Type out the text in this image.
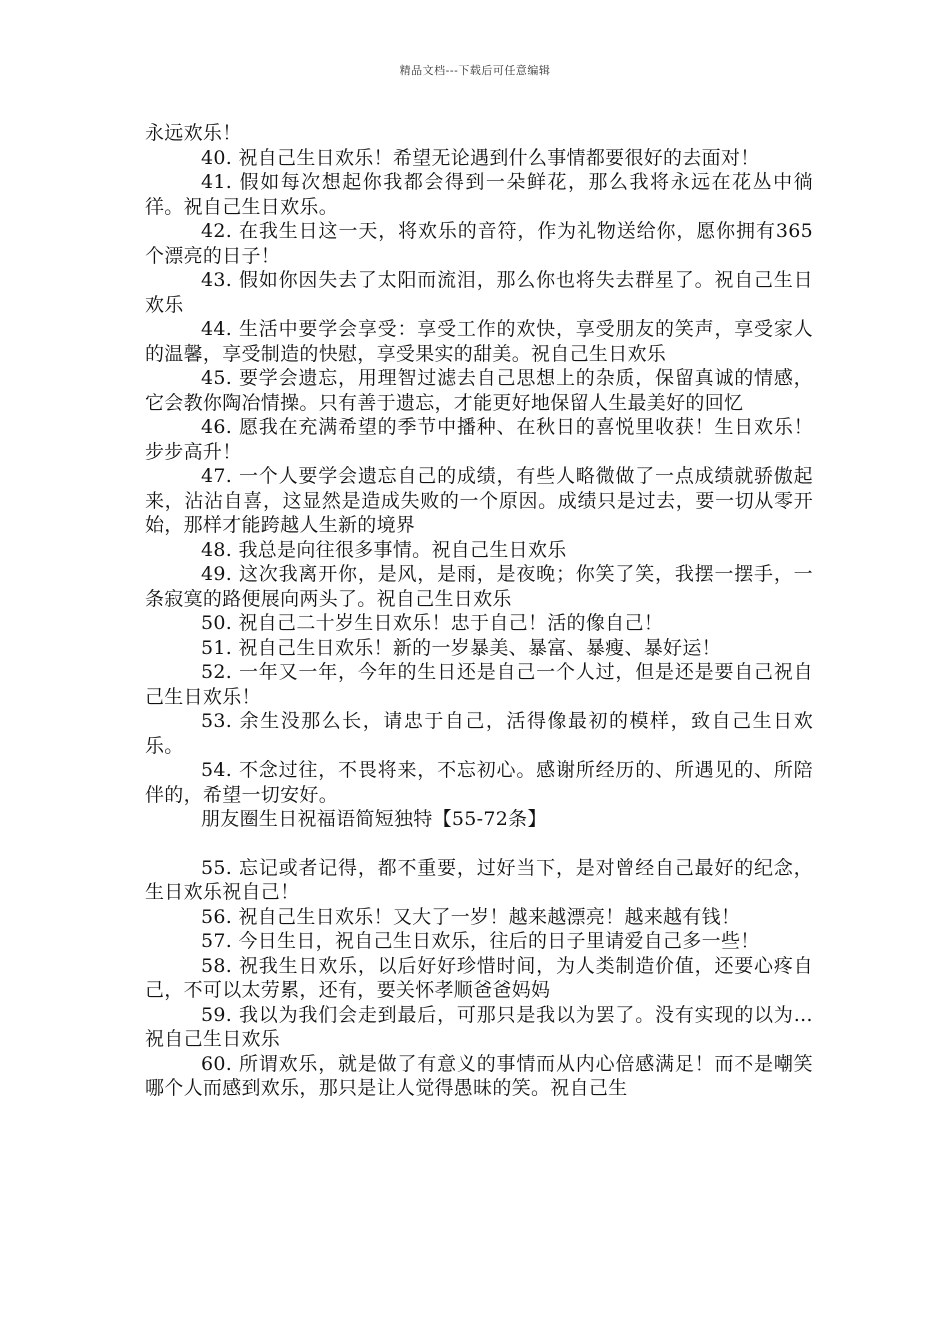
精品文档---下载后可任意编辑

永远欢乐！

40. 祝自己生日欢乐！希望无论遇到什么事情都要很好的去面对！

41. 假如每次想起你我都会得到一朵鲜花，那么我将永远在花丛中徜徉。祝自己生日欢乐。

42. 在我生日这一天，将欢乐的音符，作为礼物送给你，愿你拥有365个漂亮的日子！

43. 假如你因失去了太阳而流泪，那么你也将失去群星了。祝自己生日欢乐

44. 生活中要学会享受：享受工作的欢快，享受朋友的笑声，享受家人的温馨，享受制造的快慰，享受果实的甜美。祝自己生日欢乐

45. 要学会遗忘，用理智过滤去自己思想上的杂质，保留真诚的情感，它会教你陶冶情操。只有善于遗忘，才能更好地保留人生最美好的回忆

46. 愿我在充满希望的季节中播种、在秋日的喜悦里收获！生日欢乐！步步高升！

47. 一个人要学会遗忘自己的成绩，有些人略微做了一点成绩就骄傲起来，沾沾自喜，这显然是造成失败的一个原因。成绩只是过去，要一切从零开始，那样才能跨越人生新的境界

48. 我总是向往很多事情。祝自己生日欢乐

49. 这次我离开你，是风，是雨，是夜晚；你笑了笑，我摆一摆手，一条寂寞的路便展向两头了。祝自己生日欢乐

50. 祝自己二十岁生日欢乐！忠于自己！活的像自己！

51. 祝自己生日欢乐！新的一岁暴美、暴富、暴瘦、暴好运！

52. 一年又一年，今年的生日还是自己一个人过，但是还是要自己祝自己生日欢乐！

53. 余生没那么长，请忠于自己，活得像最初的模样，致自己生日欢乐。

54. 不念过往，不畏将来，不忘初心。感谢所经历的、所遇见的、所陪伴的，希望一切安好。

朋友圈生日祝福语简短独特【55-72条】

55. 忘记或者记得，都不重要，过好当下，是对曾经自己最好的纪念，生日欢乐祝自己！

56. 祝自己生日欢乐！又大了一岁！越来越漂亮！越来越有钱！

57. 今日生日，祝自己生日欢乐，往后的日子里请爱自己多一些！

58. 祝我生日欢乐，以后好好珍惜时间，为人类制造价值，还要心疼自己，不可以太劳累，还有，要关怀孝顺爸爸妈妈

59. 我以为我们会走到最后，可那只是我以为罢了。没有实现的以为…祝自己生日欢乐

60. 所谓欢乐，就是做了有意义的事情而从内心倍感满足！而不是嘲笑哪个人而感到欢乐，那只是让人觉得愚昧的笑。祝自己生
